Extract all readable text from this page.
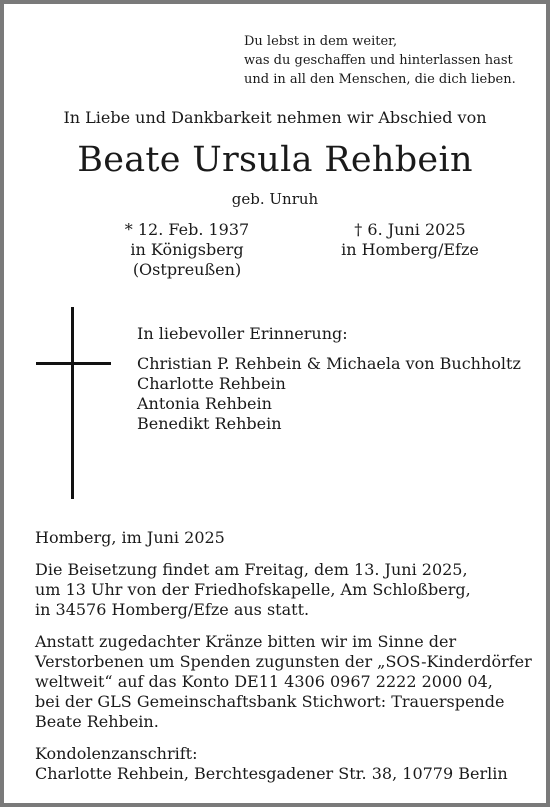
Du lebst in dem weiter,
was du geschaffen und hinterlassen hast
und in all den Menschen, die dich lieben.

In Liebe und Dankbarkeit nehmen wir Abschied von

Beate Ursula Rehbein

geb. Unruh

* 12. Feb. 1937
in Königsberg
(Ostpreußen)
† 6. Juni 2025
in Homberg/Efze

In liebevoller Erinnerung:

Christian P. Rehbein & Michaela von Buchholtz
Charlotte Rehbein
Antonia Rehbein
Benedikt Rehbein
Homberg, im Juni 2025
Die Beisetzung findet am Freitag, dem 13. Juni 2025,
um 13 Uhr von der Friedhofskapelle, Am Schloßberg,
in 34576 Homberg/Efze aus statt.
Anstatt zugedachter Kränze bitten wir im Sinne der
Verstorbenen um Spenden zugunsten der „SOS-Kinderdörfer
weltweit“ auf das Konto DE11 4306 0967 2222 2000 04,
bei der GLS Gemeinschaftsbank Stichwort: Trauerspende
Beate Rehbein.
Kondolenzanschrift:
Charlotte Rehbein, Berchtesgadener Str. 38, 10779 Berlin
